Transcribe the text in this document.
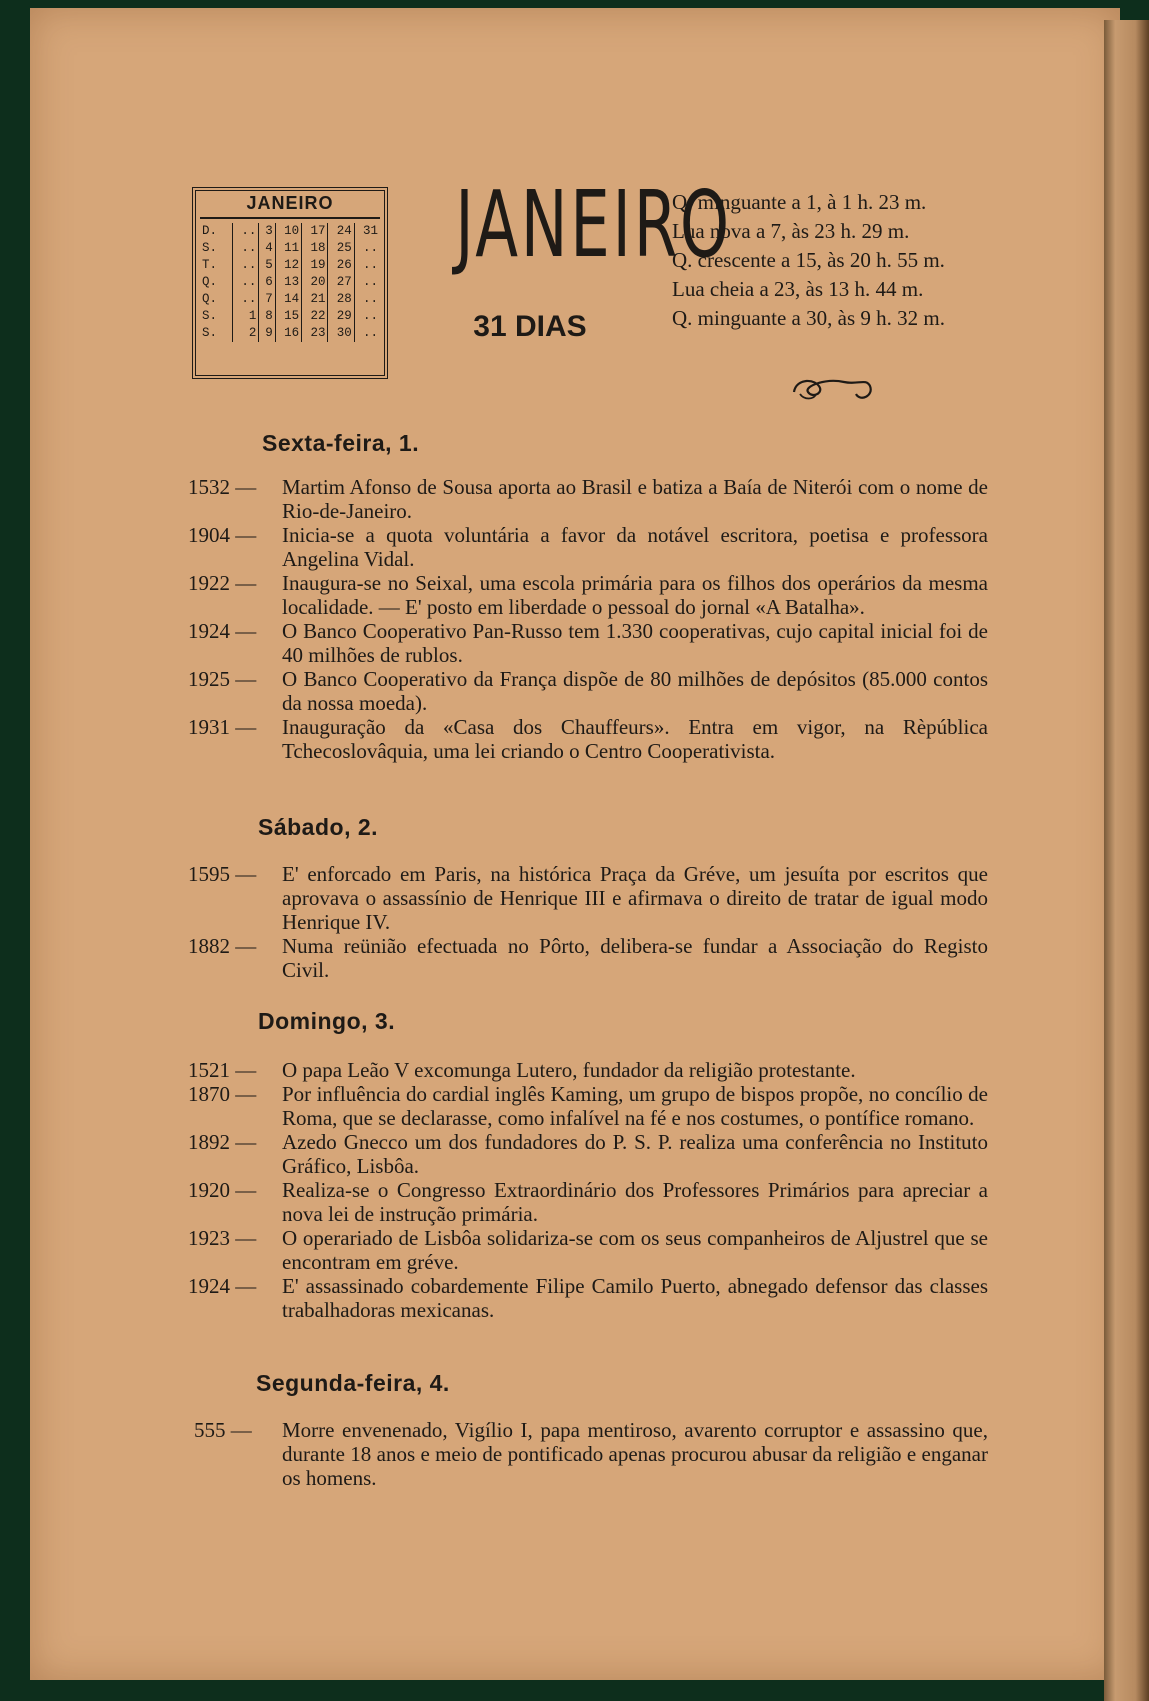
JANEIRO
D.	..	3	10	17	24	31
S.	..	4	11	18	25	..
T.	..	5	12	19	26	..
Q.	..	6	13	20	27	..
Q.	..	7	14	21	28	..
S.	1	8	15	22	29	..
S.	2	9	16	23	30	..
JANEIRO
31 DIAS
Q. minguante a 1, à 1 h. 23 m.
Lua nova a 7, às 23 h. 29 m.
Q. crescente a 15, às 20 h. 55 m.
Lua cheia a 23, às 13 h. 44 m.
Q. minguante a 30, às 9 h. 32 m.
Sexta-feira, 1.
1532 —	Martim Afonso de Sousa aporta ao Brasil e batiza a Baía de Niterói com o nome de Rio-de-Janeiro.
1904 —	Inicia-se a quota voluntária a favor da notável escritora, poetisa e professora Angelina Vidal.
1922 —	Inaugura-se no Seixal, uma escola primária para os filhos dos operários da mesma localidade. — E' posto em liberdade o pessoal do jornal «A Batalha».
1924 —	O Banco Cooperativo Pan-Russo tem 1.330 cooperativas, cujo capital inicial foi de 40 milhões de rublos.
1925 —	O Banco Cooperativo da França dispõe de 80 milhões de depósitos (85.000 contos da nossa moeda).
1931 —	Inauguração da «Casa dos Chauffeurs». Entra em vigor, na Rèpública Tchecoslovâquia, uma lei criando o Centro Cooperativista.
Sábado, 2.
1595 —	E' enforcado em Paris, na histórica Praça da Gréve, um jesuíta por escritos que aprovava o assassínio de Henrique III e afirmava o direito de tratar de igual modo Henrique IV.
1882 —	Numa reünião efectuada no Pôrto, delibera-se fundar a Associação do Registo Civil.
Domingo, 3.
1521 —	O papa Leão V excomunga Lutero, fundador da religião protestante.
1870 —	Por influência do cardial inglês Kaming, um grupo de bispos propõe, no concílio de Roma, que se declarasse, como infalível na fé e nos costumes, o pontífice romano.
1892 —	Azedo Gnecco um dos fundadores do P. S. P. realiza uma conferência no Instituto Gráfico, Lisbôa.
1920 —	Realiza-se o Congresso Extraordinário dos Professores Primários para apreciar a nova lei de instrução primária.
1923 —	O operariado de Lisbôa solidariza-se com os seus companheiros de Aljustrel que se encontram em gréve.
1924 —	E' assassinado cobardemente Filipe Camilo Puerto, abnegado defensor das classes trabalhadoras mexicanas.
Segunda-feira, 4.
555 —	Morre envenenado, Vigílio I, papa mentiroso, avarento corruptor e assassino que, durante 18 anos e meio de pontificado apenas procurou abusar da religião e enganar os homens.
